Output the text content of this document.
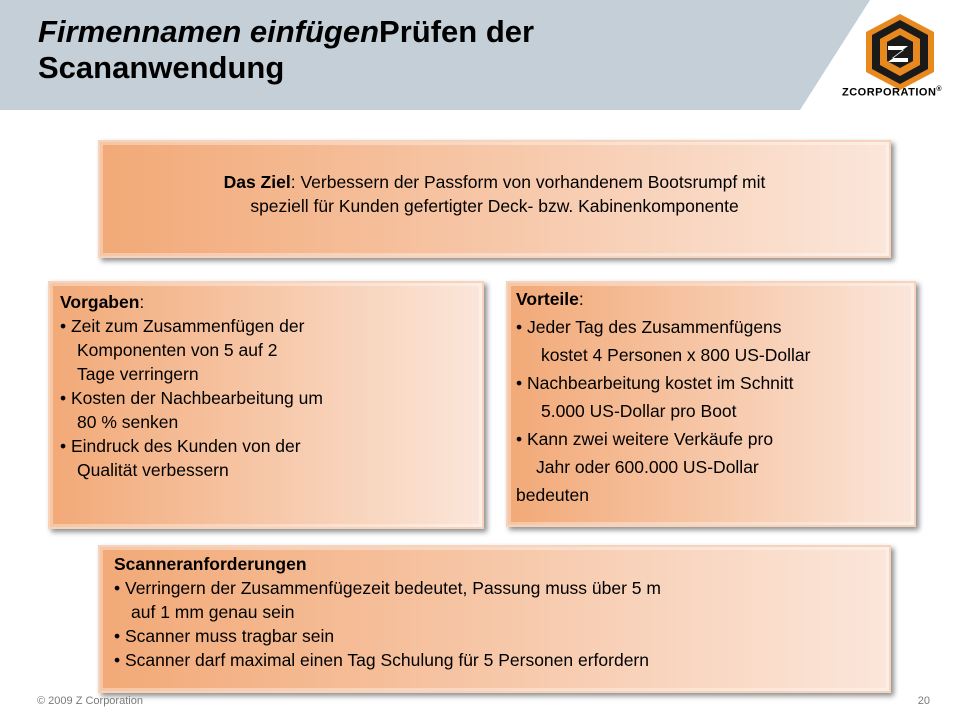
Firmennamen einfügenPrüfen der
Scananwendung
ZCORPORATION®
Das Ziel: Verbessern der Passform von vorhandenem Bootsrumpf mit
speziell für Kunden gefertigter Deck- bzw. Kabinenkomponente
Vorgaben:
• Zeit zum Zusammenfügen der
Komponenten von 5 auf 2
Tage verringern
• Kosten der Nachbearbeitung um
80 % senken
• Eindruck des Kunden von der
Qualität verbessern
Vorteile:
• Jeder Tag des Zusammenfügens
kostet 4 Personen x 800 US-Dollar
• Nachbearbeitung kostet im Schnitt
5.000 US-Dollar pro Boot
• Kann zwei weitere Verkäufe pro
Jahr oder 600.000 US-Dollar
bedeuten
Scanneranforderungen
• Verringern der Zusammenfügezeit bedeutet, Passung muss über 5 m
auf 1 mm genau sein
• Scanner muss tragbar sein
• Scanner darf maximal einen Tag Schulung für 5 Personen erfordern
© 2009 Z Corporation	20
